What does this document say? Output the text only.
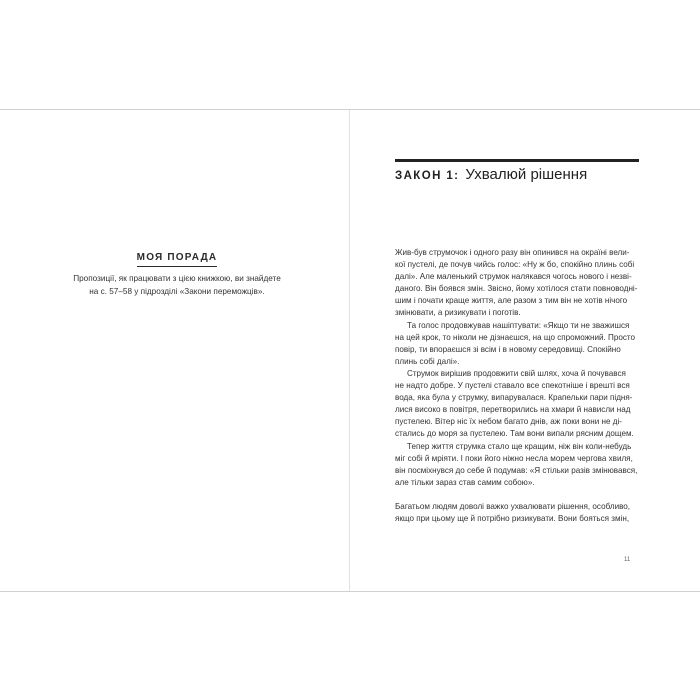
МОЯ ПОРАДА
Пропозиції, як працювати з цією книжкою, ви знайдете
на с. 57–58 у підрозділі «Закони переможців».
ЗАКОН 1: Ухвалюй рішення
Жив-був струмочок і одного разу він опинився на окраїні вели-
кої пустелі, де почув чийсь голос: «Ну ж бо, спокійно плинь собі
далі». Але маленький струмок налякався чогось нового і незві-
даного. Він боявся змін. Звісно, йому хотілося стати повноводні-
шим і почати краще життя, але разом з тим він не хотів нічого
змінювати, а ризикувати і поготів.
Та голос продовжував нашіптувати: «Якщо ти не зважишся
на цей крок, то ніколи не дізнаєшся, на що спроможний. Просто
повір, ти впораєшся зі всім і в новому середовищі. Спокійно
плинь собі далі».
Струмок вирішив продовжити свій шлях, хоча й почувався
не надто добре. У пустелі ставало все спекотніше і врешті вся
вода, яка була у струмку, випарувалася. Крапельки пари підня-
лися високо в повітря, перетворились на хмари й нависли над
пустелею. Вітер ніс їх небом багато днів, аж поки вони не ді-
стались до моря за пустелею. Там вони випали рясним дощем.
Тепер життя струмка стало ще кращим, ніж він коли-небудь
міг собі й мріяти. І поки його ніжно несла морем чергова хвиля,
він посміхнувся до себе й подумав: «Я стільки разів змінювався,
але тільки зараз став самим собою».
Багатьом людям доволі важко ухвалювати рішення, особливо,
якщо при цьому ще й потрібно ризикувати. Вони бояться змін,
11
